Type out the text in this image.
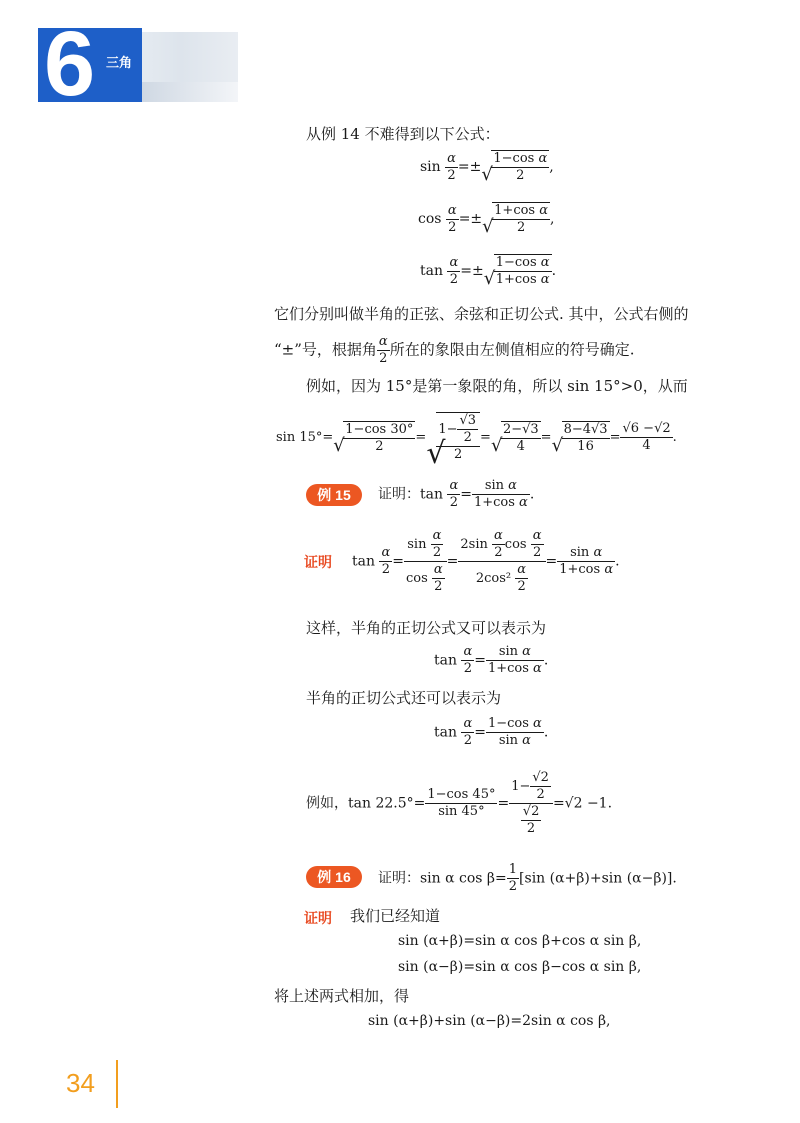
6 三角
从例 14 不难得到以下公式：
$\sin \frac{\alpha}{2}$ =± √
$\frac{\text{1−cos α}}{2}$ ,
$\cos \frac{\alpha}{2}$ =± √
$\frac{\text{1+cos α}}{2}$ ,
$\tan \frac{\alpha}{2}$ =± √
$\frac{\text{1−cos α}}{\text{1+cos α}}$ .
它们分别叫做半角的正弦、余弦和正切公式. 其中，公式右侧的
“±”号，根据角 $\frac{\alpha}{2}$ 所在的象限由左侧值相应的符号确定.
例如，因为 15°是第一象限的角，所以 sin 15°>0，从而
sin 15°= √
$\frac{1-\cos 30^\circ}{2}$ = √
$\frac{1- \frac{√3}{2}}{2}$ = √
$\frac{2-√3}{4}$ = √
$\frac{8-4√3}{16} = \frac{√6 -√2}{4}$ .
例 15	证明：$\tan \frac{\alpha}{2} = \frac{\text{sin α}}{\text{1+cos α}}$ .
证明 $\tan \frac{\alpha}{2} = \frac{\sin \frac{\alpha}{2}}{\cos \frac{\alpha}{2}} = \frac{2\sin \frac{\alpha}{2} \cos \frac{\alpha}{2}}{2\cos^2 \frac{\alpha}{2}} = \frac{\text{sin α}}{\text{1+cos α}}$ .
这样，半角的正切公式又可以表示为
$\tan \frac{\alpha}{2} = \frac{\text{sin α}}{\text{1+cos α}}$ .
半角的正切公式还可以表示为
$\tan \frac{\alpha}{2} = \frac{\text{1−cos α}}{\text{sin α}}$ .
例如，$\tan 22.5^\circ= \frac{1-\cos 45^\circ}{\sin 45^\circ} = \frac{1- \frac{√2}{2}}{\frac{√2}{2}} =√2 -1$.
例 16	证明：sin α $\cos \beta= \frac{1}{2} [\sin$ (α+β)+sin (α−β)].
证明 我们已经知道
sin (α+β)=sin α cos β+cos α sin β,
sin (α−β)=sin α cos β−cos α sin β,
将上述两式相加，得
sin (α+β)+sin (α−β)=2sin α cos β,
34
